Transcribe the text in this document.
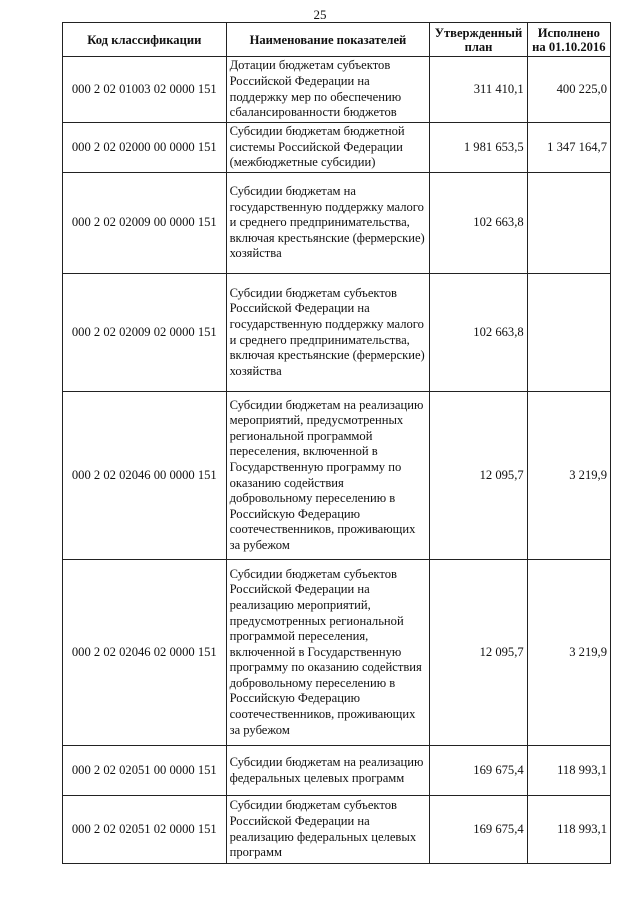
25
Код классификации	Наименование показателей	Утвержденный план	Исполнено на 01.10.2016
000 2 02 01003 02 0000 151	Дотации бюджетам субъектов Российской Федерации на поддержку мер по обеспечению сбалансированности бюджетов	311 410,1	400 225,0
000 2 02 02000 00 0000 151	Субсидии бюджетам бюджетной системы Российской Федерации (межбюджетные субсидии)	1 981 653,5	1 347 164,7
000 2 02 02009 00 0000 151	Субсидии бюджетам на государственную поддержку малого и среднего предпринимательства, включая крестьянские (фермерские) хозяйства	102 663,8	
000 2 02 02009 02 0000 151	Субсидии бюджетам субъектов Российской Федерации на государственную поддержку малого и среднего предпринимательства, включая крестьянские (фермерские) хозяйства	102 663,8	
000 2 02 02046 00 0000 151	Субсидии бюджетам на реализацию мероприятий, предусмотренных региональной программой переселения, включенной в Государственную программу по оказанию содействия добровольному переселению в Российскую Федерацию соотечественников, проживающих за рубежом	12 095,7	3 219,9
000 2 02 02046 02 0000 151	Субсидии бюджетам субъектов Российской Федерации на реализацию мероприятий, предусмотренных региональной программой переселения, включенной в Государственную программу по оказанию содействия добровольному переселению в Российскую Федерацию соотечественников, проживающих за рубежом	12 095,7	3 219,9
000 2 02 02051 00 0000 151	Субсидии бюджетам на реализацию федеральных целевых программ	169 675,4	118 993,1
000 2 02 02051 02 0000 151	Субсидии бюджетам субъектов Российской Федерации на реализацию федеральных целевых программ	169 675,4	118 993,1
